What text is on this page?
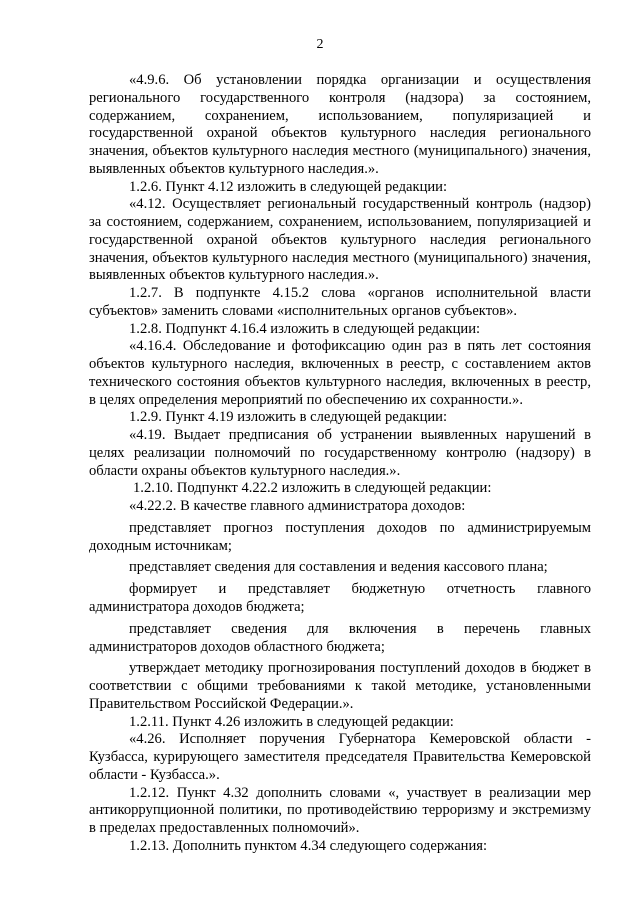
2

«4.9.6. Об установлении порядка организации и осуществления регионального государственного контроля (надзора) за состоянием, содержанием, сохранением, использованием, популяризацией и государственной охраной объектов культурного наследия регионального значения, объектов культурного наследия местного (муниципального) значения, выявленных объектов культурного наследия.».

1.2.6. Пункт 4.12 изложить в следующей редакции:

«4.12. Осуществляет региональный государственный контроль (надзор) за состоянием, содержанием, сохранением, использованием, популяризацией и государственной охраной объектов культурного наследия регионального значения, объектов культурного наследия местного (муниципального) значения, выявленных объектов культурного наследия.».

1.2.7. В подпункте 4.15.2 слова «органов исполнительной власти субъектов» заменить словами «исполнительных органов субъектов».

1.2.8. Подпункт 4.16.4 изложить в следующей редакции:

«4.16.4. Обследование и фотофиксацию один раз в пять лет состояния объектов культурного наследия, включенных в реестр, с составлением актов технического состояния объектов культурного наследия, включенных в реестр, в целях определения мероприятий по обеспечению их сохранности.».

1.2.9. Пункт 4.19 изложить в следующей редакции:

«4.19. Выдает предписания об устранении выявленных нарушений в целях реализации полномочий по государственному контролю (надзору) в области охраны объектов культурного наследия.».

1.2.10. Подпункт 4.22.2 изложить в следующей редакции:

«4.22.2. В качестве главного администратора доходов:

представляет прогноз поступления доходов по администрируемым доходным источникам;

представляет сведения для составления и ведения кассового плана;

формирует и представляет бюджетную отчетность главного администратора доходов бюджета;

представляет сведения для включения в перечень главных администраторов доходов областного бюджета;

утверждает методику прогнозирования поступлений доходов в бюджет в соответствии с общими требованиями к такой методике, установленными Правительством Российской Федерации.».

1.2.11. Пункт 4.26 изложить в следующей редакции:

«4.26. Исполняет поручения Губернатора Кемеровской области - Кузбасса, курирующего заместителя председателя Правительства Кемеровской области - Кузбасса.».

1.2.12. Пункт 4.32 дополнить словами «, участвует в реализации мер антикоррупционной политики, по противодействию терроризму и экстремизму в пределах предоставленных полномочий».

1.2.13. Дополнить пунктом 4.34 следующего содержания:
